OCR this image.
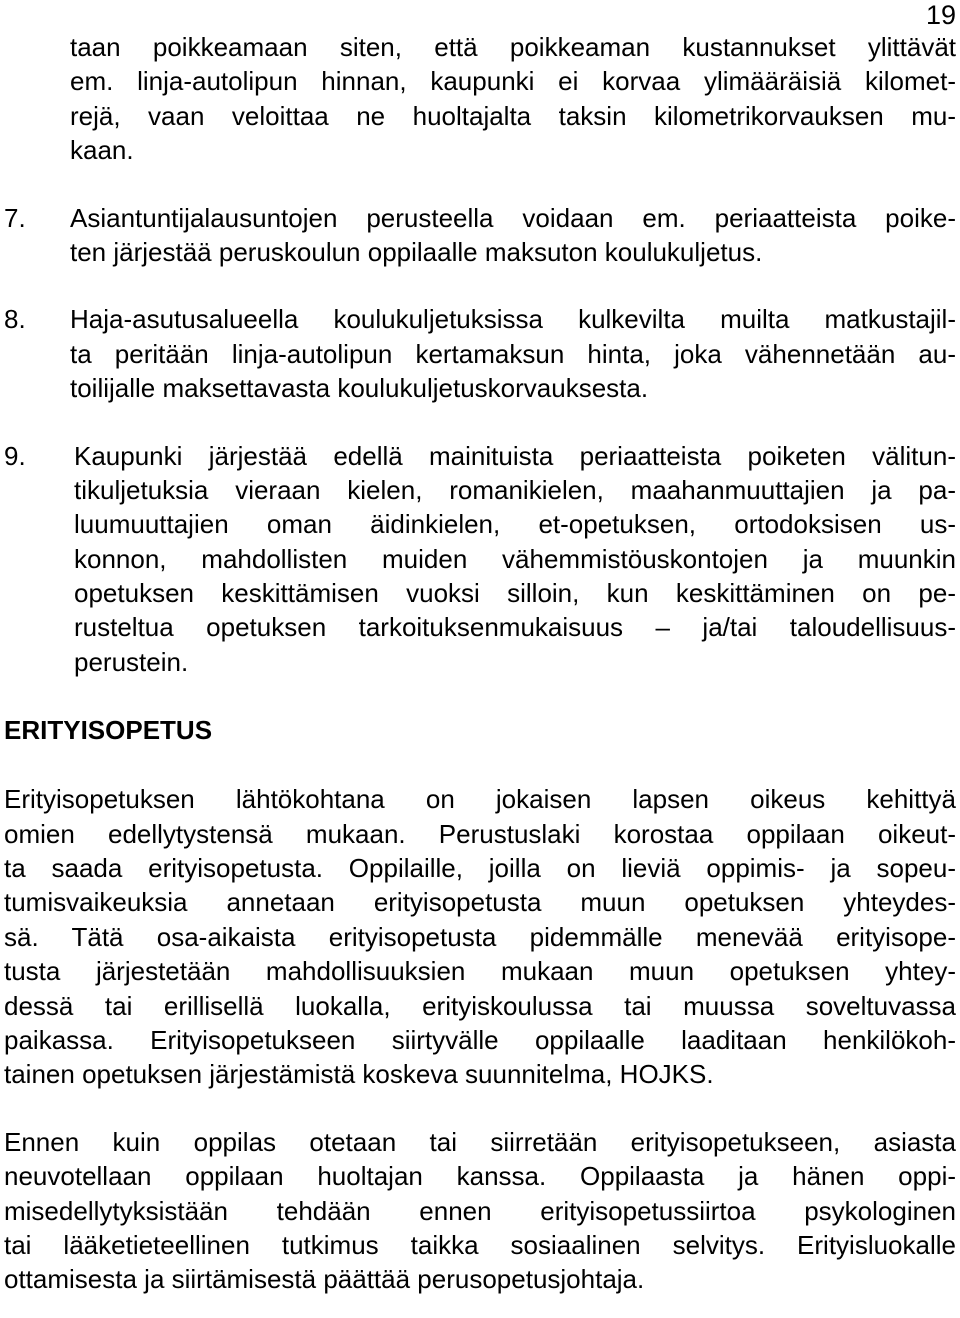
19
taan poikkeamaan siten, että poikkeaman kustannukset ylittävät
em. linja-autolipun hinnan, kaupunki ei korvaa ylimääräisiä kilomet-
rejä, vaan veloittaa ne huoltajalta taksin kilometrikorvauksen mu-
kaan.
7. Asiantuntijalausuntojen perusteella voidaan em. periaatteista poike-
ten järjestää peruskoulun oppilaalle maksuton koulukuljetus.
8. Haja-asutusalueella koulukuljetuksissa kulkevilta muilta matkustajil-
ta peritään linja-autolipun kertamaksun hinta, joka vähennetään au-
toilijalle maksettavasta koulukuljetuskorvauksesta.
9. Kaupunki järjestää edellä mainituista periaatteista poiketen välitun-
tikuljetuksia vieraan kielen, romanikielen, maahanmuuttajien ja pa-
luumuuttajien oman äidinkielen, et-opetuksen, ortodoksisen us-
konnon, mahdollisten muiden vähemmistöuskontojen ja muunkin
opetuksen keskittämisen vuoksi silloin, kun keskittäminen on pe-
rusteltua opetuksen tarkoituksenmukaisuus – ja/tai taloudellisuus-
perustein.
ERITYISOPETUS
Erityisopetuksen lähtökohtana on jokaisen lapsen oikeus kehittyä
omien edellytystensä mukaan. Perustuslaki korostaa oppilaan oikeut-
ta saada erityisopetusta. Oppilaille, joilla on lieviä oppimis- ja sopeu-
tumisvaikeuksia annetaan erityisopetusta muun opetuksen yhteydes-
sä. Tätä osa-aikaista erityisopetusta pidemmälle menevää erityisope-
tusta järjestetään mahdollisuuksien mukaan muun opetuksen yhtey-
dessä tai erillisellä luokalla, erityiskoulussa tai muussa soveltuvassa
paikassa. Erityisopetukseen siirtyvälle oppilaalle laaditaan henkilökoh-
tainen opetuksen järjestämistä koskeva suunnitelma, HOJKS.
Ennen kuin oppilas otetaan tai siirretään erityisopetukseen, asiasta
neuvotellaan oppilaan huoltajan kanssa. Oppilaasta ja hänen oppi-
misedellytyksistään tehdään ennen erityisopetussiirtoa psykologinen
tai lääketieteellinen tutkimus taikka sosiaalinen selvitys. Erityisluokalle
ottamisesta ja siirtämisestä päättää perusopetusjohtaja.
